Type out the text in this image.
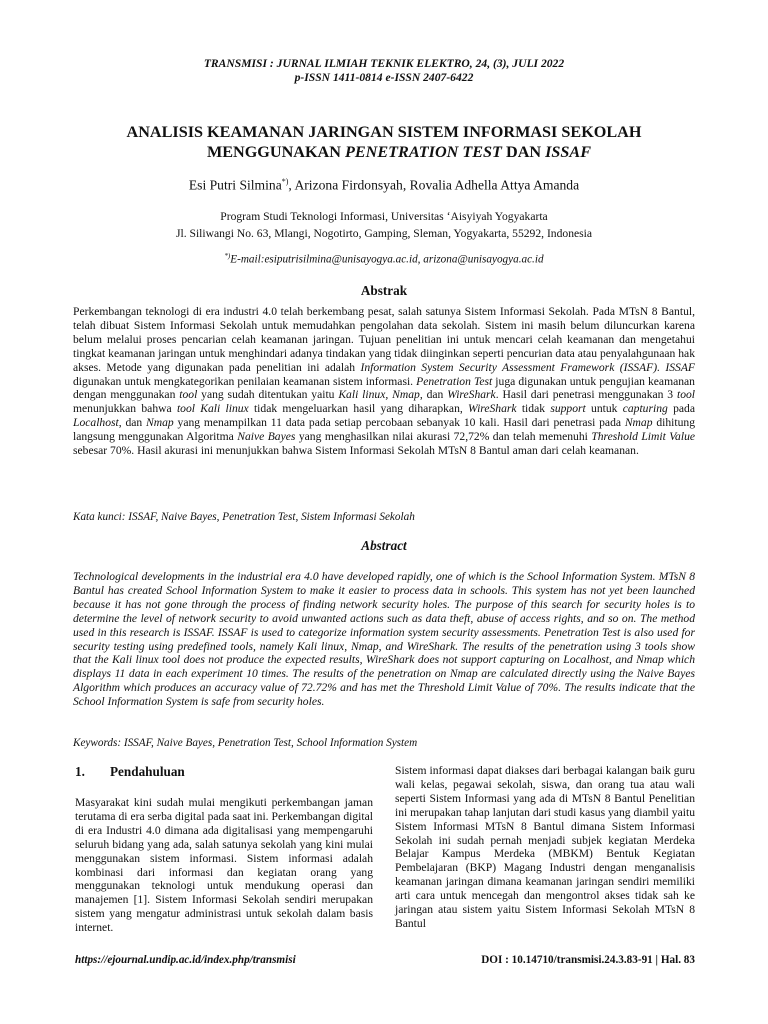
TRANSMISI : JURNAL ILMIAH TEKNIK ELEKTRO, 24, (3), JULI 2022
p-ISSN 1411-0814 e-ISSN 2407-6422
ANALISIS KEAMANAN JARINGAN SISTEM INFORMASI SEKOLAH
MENGGUNAKAN PENETRATION TEST DAN ISSAF
Esi Putri Silmina*), Arizona Firdonsyah, Rovalia Adhella Attya Amanda
Program Studi Teknologi Informasi, Universitas ‘Aisyiyah Yogyakarta
Jl. Siliwangi No. 63, Mlangi, Nogotirto, Gamping, Sleman, Yogyakarta, 55292, Indonesia
*)E-mail:esiputrisilmina@unisayogya.ac.id, arizona@unisayogya.ac.id
Abstrak
Perkembangan teknologi di era industri 4.0 telah berkembang pesat, salah satunya Sistem Informasi Sekolah. Pada MTsN 8 Bantul, telah dibuat Sistem Informasi Sekolah untuk memudahkan pengolahan data sekolah. Sistem ini masih belum diluncurkan karena belum melalui proses pencarian celah keamanan jaringan. Tujuan penelitian ini untuk mencari celah keamanan dan mengetahui tingkat keamanan jaringan untuk menghindari adanya tindakan yang tidak diinginkan seperti pencurian data atau penyalahgunaan hak akses. Metode yang digunakan pada penelitian ini adalah Information System Security Assessment Framework (ISSAF). ISSAF digunakan untuk mengkategorikan penilaian keamanan sistem informasi. Penetration Test juga digunakan untuk pengujian keamanan dengan menggunakan tool yang sudah ditentukan yaitu Kali linux, Nmap, dan WireShark. Hasil dari penetrasi menggunakan 3 tool menunjukkan bahwa tool Kali linux tidak mengeluarkan hasil yang diharapkan, WireShark tidak support untuk capturing pada Localhost, dan Nmap yang menampilkan 11 data pada setiap percobaan sebanyak 10 kali. Hasil dari penetrasi pada Nmap dihitung langsung menggunakan Algoritma Naive Bayes yang menghasilkan nilai akurasi 72,72% dan telah memenuhi Threshold Limit Value sebesar 70%. Hasil akurasi ini menunjukkan bahwa Sistem Informasi Sekolah MTsN 8 Bantul aman dari celah keamanan.
Kata kunci: ISSAF, Naive Bayes, Penetration Test, Sistem Informasi Sekolah
Abstract
Technological developments in the industrial era 4.0 have developed rapidly, one of which is the School Information System. MTsN 8 Bantul has created School Information System to make it easier to process data in schools. This system has not yet been launched because it has not gone through the process of finding network security holes. The purpose of this search for security holes is to determine the level of network security to avoid unwanted actions such as data theft, abuse of access rights, and so on. The method used in this research is ISSAF. ISSAF is used to categorize information system security assessments. Penetration Test is also used for security testing using predefined tools, namely Kali linux, Nmap, and WireShark. The results of the penetration using 3 tools show that the Kali linux tool does not produce the expected results, WireShark does not support capturing on Localhost, and Nmap which displays 11 data in each experiment 10 times. The results of the penetration on Nmap are calculated directly using the Naive Bayes Algorithm which produces an accuracy value of 72.72% and has met the Threshold Limit Value of 70%. The results indicate that the School Information System is safe from security holes.
Keywords: ISSAF, Naive Bayes, Penetration Test, School Information System
1. Pendahuluan
Masyarakat kini sudah mulai mengikuti perkembangan jaman terutama di era serba digital pada saat ini. Perkembangan digital di era Industri 4.0 dimana ada digitalisasi yang mempengaruhi seluruh bidang yang ada, salah satunya sekolah yang kini mulai menggunakan sistem informasi. Sistem informasi adalah kombinasi dari informasi dan kegiatan orang yang menggunakan teknologi untuk mendukung operasi dan manajemen [1]. Sistem Informasi Sekolah sendiri merupakan sistem yang mengatur administrasi untuk sekolah dalam basis internet.
Sistem informasi dapat diakses dari berbagai kalangan baik guru wali kelas, pegawai sekolah, siswa, dan orang tua atau wali seperti Sistem Informasi yang ada di MTsN 8 Bantul Penelitian ini merupakan tahap lanjutan dari studi kasus yang diambil yaitu Sistem Informasi MTsN 8 Bantul dimana Sistem Informasi Sekolah ini sudah pernah menjadi subjek kegiatan Merdeka Belajar Kampus Merdeka (MBKM) Bentuk Kegiatan Pembelajaran (BKP) Magang Industri dengan menganalisis keamanan jaringan dimana keamanan jaringan sendiri memiliki arti cara untuk mencegah dan mengontrol akses tidak sah ke jaringan atau sistem yaitu Sistem Informasi Sekolah MTsN 8 Bantul
https://ejournal.undip.ac.id/index.php/transmisi	DOI : 10.14710/transmisi.24.3.83-91 | Hal. 83
